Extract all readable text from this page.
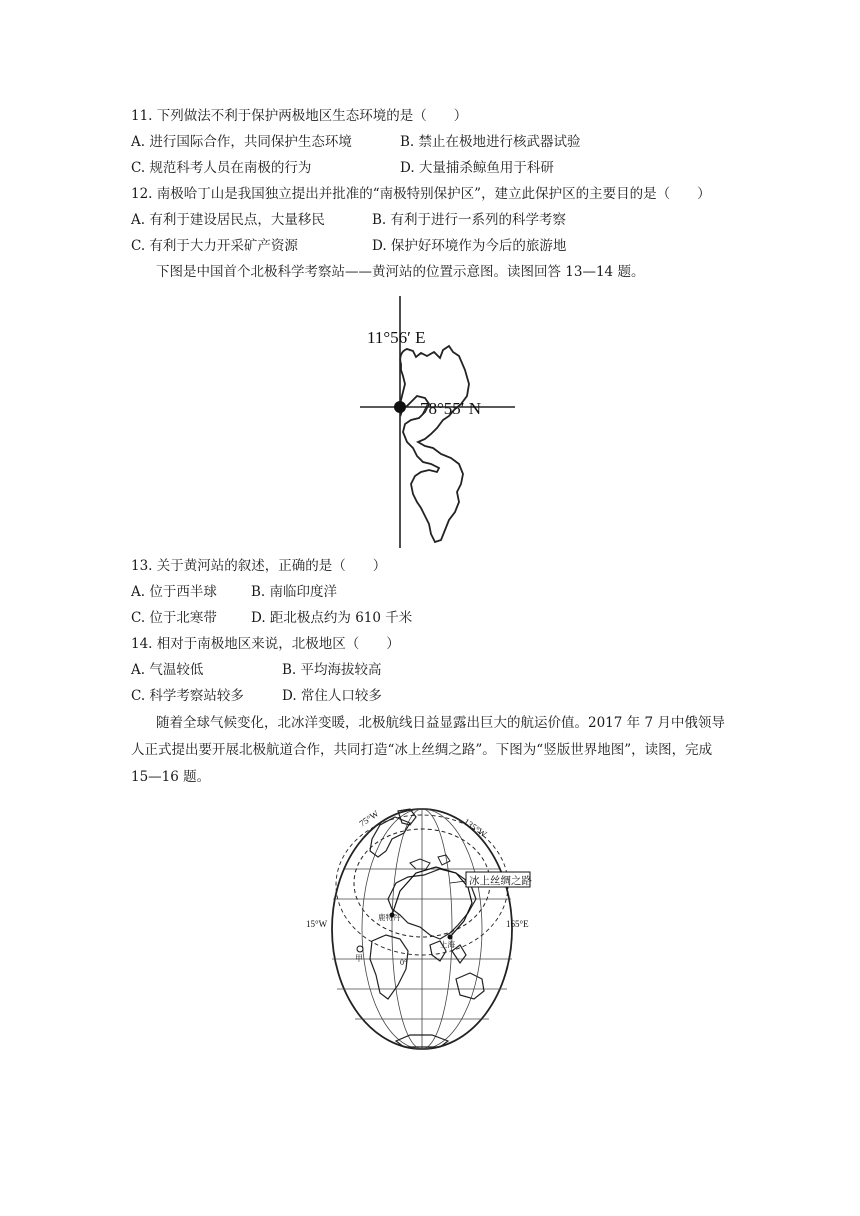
11. 下列做法不利于保护两极地区生态环境的是（　　）
A. 进行国际合作，共同保护生态环境	B. 禁止在极地进行核武器试验
C. 规范科考人员在南极的行为	D. 大量捕杀鲸鱼用于科研
12. 南极哈丁山是我国独立提出并批准的“南极特别保护区”，建立此保护区的主要目的是（　　）
A. 有利于建设居民点，大量移民	B. 有利于进行一系列的科学考察
C. 有利于大力开采矿产资源	D. 保护好环境作为今后的旅游地
下图是中国首个北极科学考察站——黄河站的位置示意图。读图回答 13—14 题。
11°56′ E
78°55′ N
13. 关于黄河站的叙述，正确的是（　　）
A. 位于西半球	B. 南临印度洋
C. 位于北寒带	D. 距北极点约为 610 千米
14. 相对于南极地区来说，北极地区（　　）
A. 气温较低	B. 平均海拔较高
C. 科学考察站较多	D. 常住人口较多
随着全球气候变化，北冰洋变暖，北极航线日益显露出巨大的航运价值。2017 年 7 月中俄领导
人正式提出要开展北极航道合作，共同打造“冰上丝绸之路”。下图为“竖版世界地图”，读图，完成
15—16 题。
冰上丝绸之路
75°W	135°W
15°W	165°E
鹿特丹
上海
甲	0°
